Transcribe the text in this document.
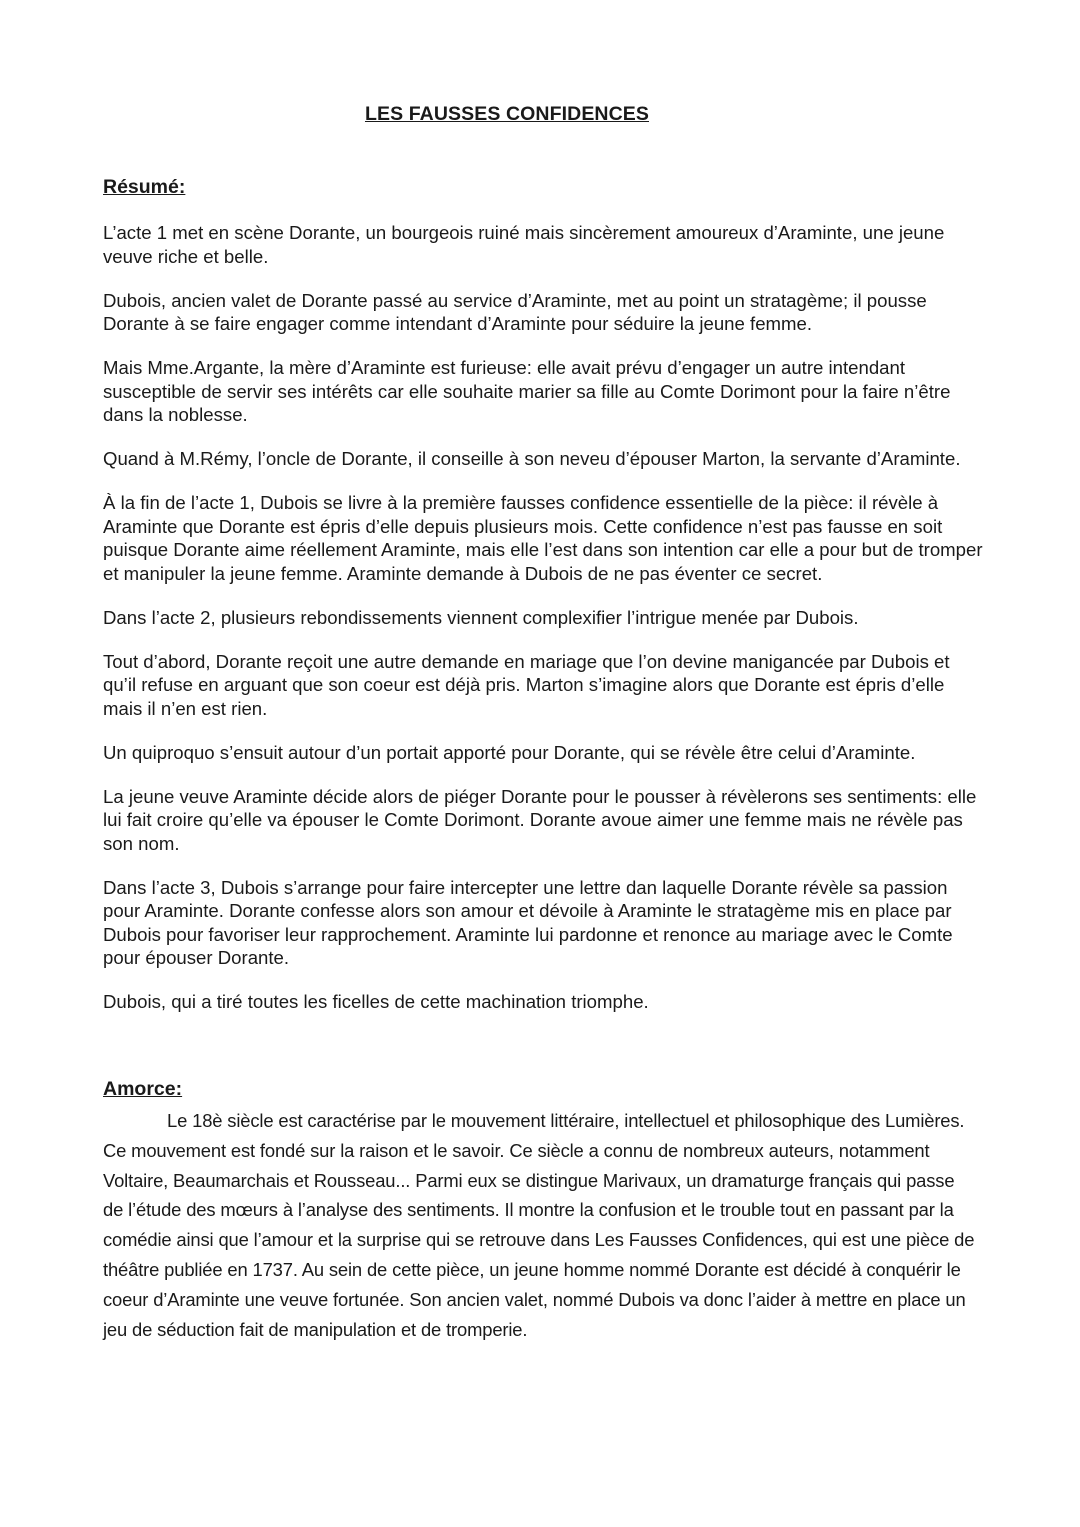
LES FAUSSES CONFIDENCES
Résumé:

L’acte 1 met en scène Dorante, un bourgeois ruiné mais sincèrement amoureux d’Araminte, une jeune veuve riche et belle.

Dubois, ancien valet de Dorante passé au service d’Araminte, met au point un stratagème; il pousse Dorante à se faire engager comme intendant d’Araminte pour séduire la jeune femme.

Mais Mme.Argante, la mère d’Araminte est furieuse: elle avait prévu d’engager un autre intendant susceptible de servir ses intérêts car elle souhaite marier sa fille au Comte Dorimont pour la faire n’être dans la noblesse.

Quand à M.Rémy, l’oncle de Dorante, il conseille à son neveu d’épouser Marton, la servante d’Araminte.

À la fin de l’acte 1, Dubois se livre à la première fausses confidence essentielle de la pièce: il révèle à Araminte que Dorante est épris d’elle depuis plusieurs mois. Cette confidence n’est pas fausse en soit puisque Dorante aime réellement Araminte, mais elle l’est dans son intention car elle a pour but de tromper et manipuler la jeune femme. Araminte demande à Dubois de ne pas éventer ce secret.

Dans l’acte 2, plusieurs rebondissements viennent complexifier l’intrigue menée par Dubois.

Tout d’abord, Dorante reçoit une autre demande en mariage que l’on devine manigancée par Dubois et qu’il refuse en arguant que son coeur est déjà pris. Marton s’imagine alors que Dorante est épris d’elle mais il n’en est rien.

Un quiproquo s’ensuit autour d’un portait apporté pour Dorante, qui se révèle être celui d’Araminte.

La jeune veuve Araminte décide alors de piéger Dorante pour le pousser à révèlerons ses sentiments: elle lui fait croire qu’elle va épouser le Comte Dorimont. Dorante avoue aimer une femme mais ne révèle pas son nom.

Dans l’acte 3, Dubois s’arrange pour faire intercepter une lettre dan laquelle Dorante révèle sa passion pour Araminte. Dorante confesse alors son amour et dévoile à Araminte le stratagème mis en place par Dubois pour favoriser leur rapprochement. Araminte lui pardonne et renonce au mariage avec le Comte pour épouser Dorante.

Dubois, qui a tiré toutes les ficelles de cette machination triomphe.

Amorce:

Le 18è siècle est caractérise par le mouvement littéraire, intellectuel et philosophique des Lumières. Ce mouvement est fondé sur la raison et le savoir. Ce siècle a connu de nombreux auteurs, notamment Voltaire, Beaumarchais et Rousseau... Parmi eux se distingue Marivaux, un dramaturge français qui passe de l’étude des mœurs à l’analyse des sentiments. Il montre la confusion et le trouble tout en passant par la comédie ainsi que l’amour et la surprise qui se retrouve dans Les Fausses Confidences, qui est une pièce de théâtre publiée en 1737. Au sein de cette pièce, un jeune homme nommé Dorante est décidé à conquérir le coeur d’Araminte une veuve fortunée. Son ancien valet, nommé Dubois va donc l’aider à mettre en place un jeu de séduction fait de manipulation et de tromperie.
